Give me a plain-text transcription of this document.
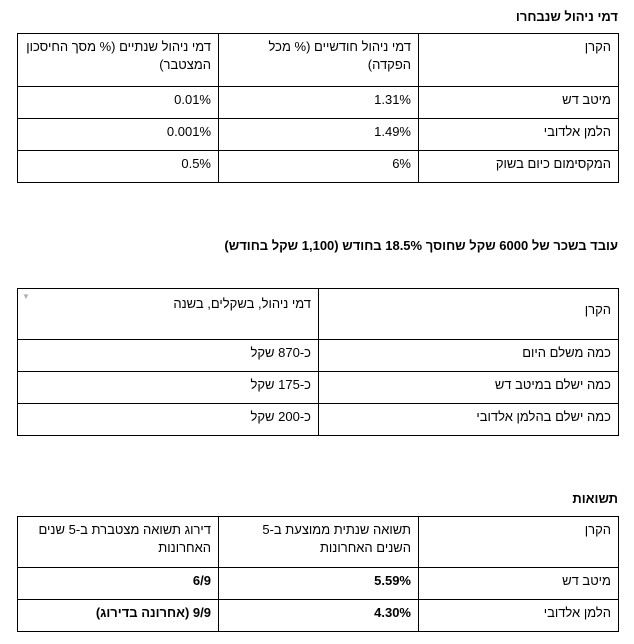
דמי ניהול שנבחרו
הקרן	דמי ניהול חודשיים (% מכל הפקדה)	דמי ניהול שנתיים (% מסך החיסכון המצטבר)
מיטב דש	1.31%	0.01%

הלמן אלדובי	1.49%	0.001%

המקסימום כיום בשוק	6%	0.5%
עובד בשכר של 6000 שקל שחוסך 18.5% בחודש (1,100 שקל בחודש)
הקרן	דמי ניהול, בשקלים, בשנה
כמה משלם היום	כ-870 שקל
כמה ישלם במיטב דש	כ-175 שקל
כמה ישלם בהלמן אלדובי	כ-200 שקל
▼
תשואות
הקרן	תשואה שנתית ממוצעת ב-5 השנים האחרונות	דירוג תשואה מצטברת ב-5 שנים האחרונות
מיטב דש	5.59%	6/9
הלמן אלדובי	4.30%	9/9 (אחרונה בדירוג)
